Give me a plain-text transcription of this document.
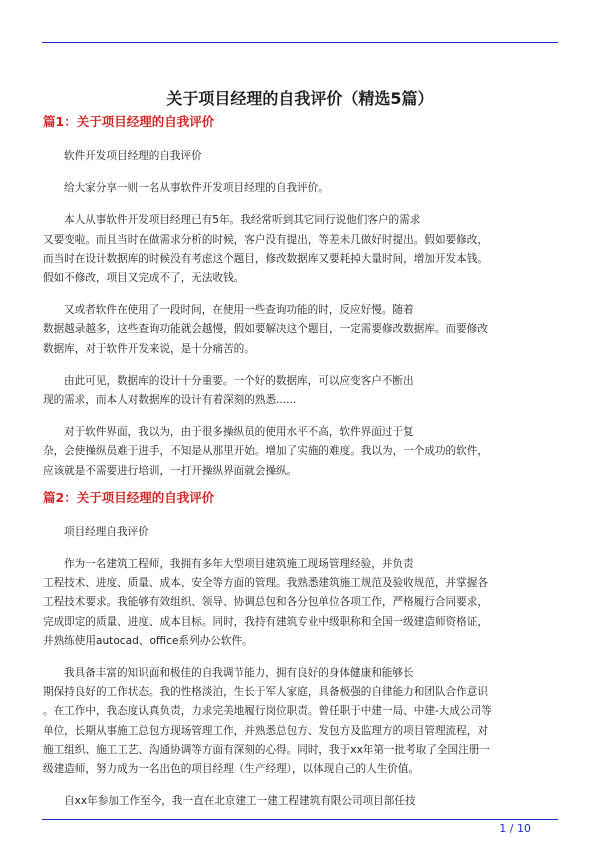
关于项目经理的自我评价（精选5篇）
篇1：关于项目经理的自我评价

软件开发项目经理的自我评价

给大家分享一则一名从事软件开发项目经理的自我评价。

本人从事软件开发项目经理已有5年。我经常听到其它同行说他们客户的需求
又要变啦。而且当时在做需求分析的时候，客户没有提出，等差未几做好时提出。假如要修改，
而当时在设计数据库的时候没有考虑这个题目，修改数据库又要耗掉大量时间，增加开发本钱。
假如不修改，项目又完成不了，无法收钱。

又或者软件在使用了一段时间，在使用一些查询功能的时，反应好慢。随着
数据越录越多，这些查询功能就会越慢，假如要解决这个题目，一定需要修改数据库。而要修改
数据库，对于软件开发来说，是十分痛苦的。

由此可见，数据库的设计十分重要。一个好的数据库，可以应变客户不断出
现的需求，而本人对数据库的设计有着深刻的熟悉......

对于软件界面，我以为，由于很多操纵员的使用水平不高，软件界面过于复
杂，会使操纵员难于进手，不知是从那里开始。增加了实施的难度。我以为，一个成功的软件，
应该就是不需要进行培训，一打开操纵界面就会操纵。

篇2：关于项目经理的自我评价

项目经理自我评价

作为一名建筑工程师，我拥有多年大型项目建筑施工现场管理经验，并负责
工程技术、进度、质量、成本、安全等方面的管理。我熟悉建筑施工规范及验收规范，并掌握各
工程技术要求。我能够有效组织、领导、协调总包和各分包单位各项工作，严格履行合同要求，
完成即定的质量、进度、成本目标。同时，我持有建筑专业中级职称和全国一级建造师资格证，
并熟练使用autocad、office系列办公软件。

我具备丰富的知识面和极佳的自我调节能力，拥有良好的身体健康和能够长
期保持良好的工作状态。我的性格淡泊，生长于军人家庭，具备极强的自律能力和团队合作意识
。在工作中，我态度认真负责，力求完美地履行岗位职责。曾任职于中建一局、中建-大成公司等
单位，长期从事施工总包方现场管理工作，并熟悉总包方、发包方及监理方的项目管理流程，对
施工组织、施工工艺、沟通协调等方面有深刻的心得。同时，我于xx年第一批考取了全国注册一
级建造师，努力成为一名出色的项目经理（生产经理），以体现自己的人生价值。

自xx年参加工作至今，我一直在北京建工一建工程建筑有限公司项目部任技

1 / 10
